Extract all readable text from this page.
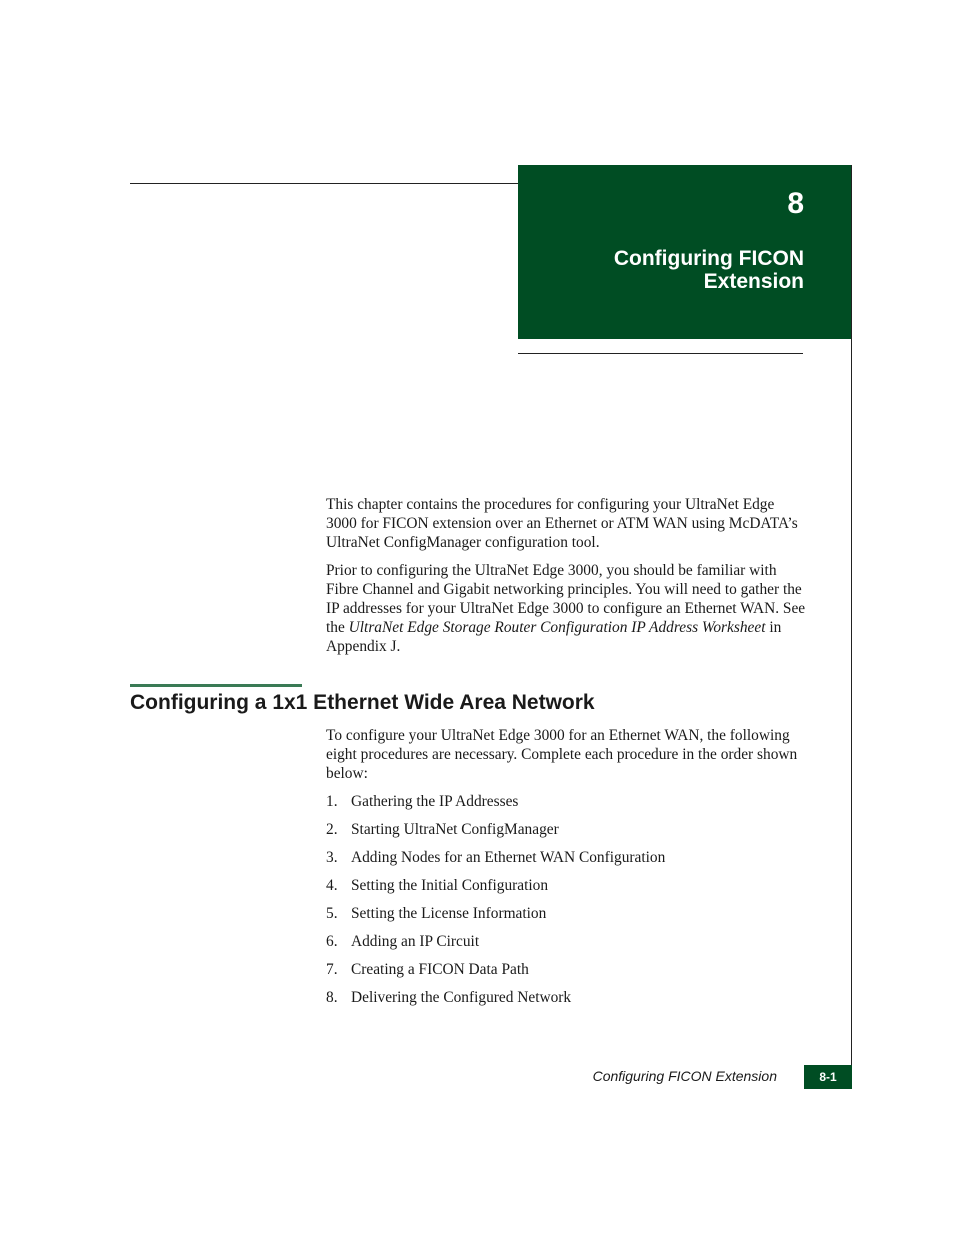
8
Configuring FICON
Extension

This chapter contains the procedures for configuring your UltraNet Edge 3000 for FICON extension over an Ethernet or ATM WAN using McDATA’s UltraNet ConfigManager configuration tool.

Prior to configuring the UltraNet Edge 3000, you should be familiar with Fibre Channel and Gigabit networking principles. You will need to gather the IP addresses for your UltraNet Edge 3000 to configure an Ethernet WAN. See the UltraNet Edge Storage Router Configuration IP Address Worksheet in Appendix J.

Configuring a 1x1 Ethernet Wide Area Network

To configure your UltraNet Edge 3000 for an Ethernet WAN, the following eight procedures are necessary. Complete each procedure in the order shown below:

1. Gathering the IP Addresses
2. Starting UltraNet ConfigManager
3. Adding Nodes for an Ethernet WAN Configuration
4. Setting the Initial Configuration
5. Setting the License Information
6. Adding an IP Circuit
7. Creating a FICON Data Path
8. Delivering the Configured Network
Configuring FICON Extension	8-1
